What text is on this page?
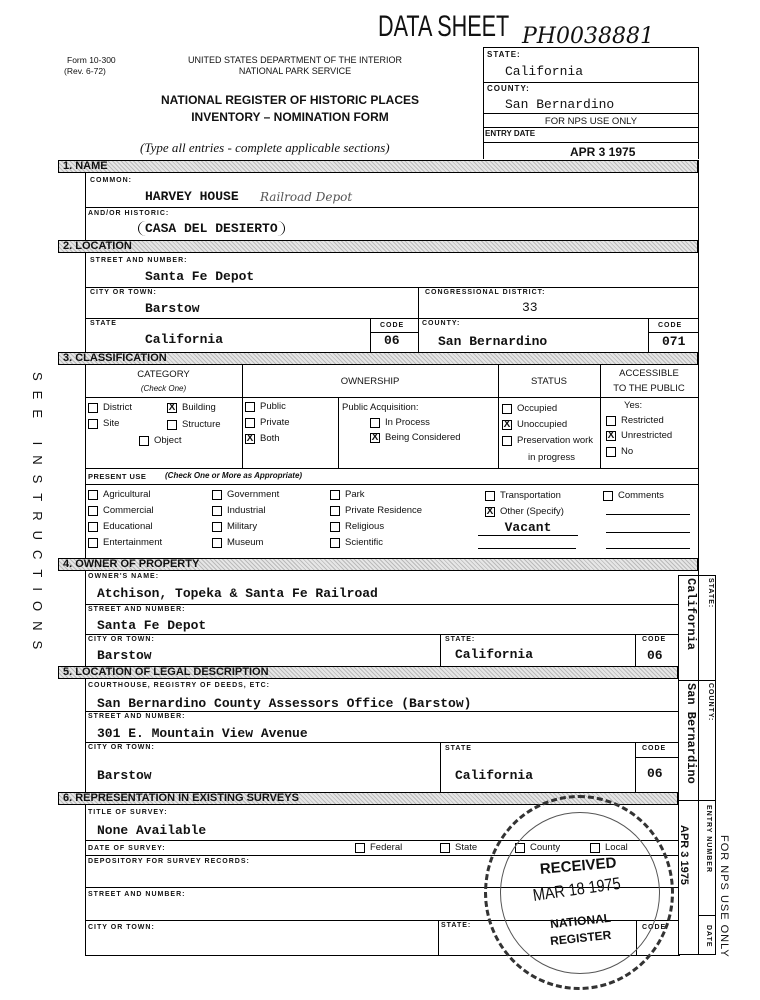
DATA SHEET PH0038881
Form 10-300
(Rev. 6-72)
UNITED STATES DEPARTMENT OF THE INTERIOR
NATIONAL PARK SERVICE
NATIONAL REGISTER OF HISTORIC PLACES
INVENTORY – NOMINATION FORM
(Type all entries - complete applicable sections)
STATE:
California
COUNTY:
San Bernardino
FOR NPS USE ONLY
ENTRY DATE
APR 3 1975
SEE INSTRUCTIONS
1. NAME
COMMON:
HARVEY HOUSE Railroad Depot
AND/OR HISTORIC:
CASA DEL DESIERTO
2. LOCATION
STREET AND NUMBER:
Santa Fe Depot
CITY OR TOWN:
Barstow
CONGRESSIONAL DISTRICT:
33
STATE
California
CODE
06
COUNTY:
San Bernardino
CODE
071
3. CLASSIFICATION
CATEGORY
(Check One)
OWNERSHIP	STATUS
ACCESSIBLE
TO THE PUBLIC
District	X Building
Site	Structure
Object
Public
Private
X Both
In Process
X Being Considered
Occupied
X Unoccupied
Preservation work
Restricted
X Unrestricted
No
Agricultural
Commercial
Educational
Entertainment
Government
Industrial
Military
Museum
Park
Private Residence
Religious
Scientific
Transportation
X Other (Specify)
Comments
PRESENT USE (Check One or More as Appropriate)
Public Acquisition:
in progress
Yes:
Vacant
4. OWNER OF PROPERTY
OWNER'S NAME:
Atchison, Topeka & Santa Fe Railroad
STREET AND NUMBER:
Santa Fe Depot
CITY OR TOWN:
Barstow
STATE:
California
CODE
06
5. LOCATION OF LEGAL DESCRIPTION
COURTHOUSE, REGISTRY OF DEEDS, ETC:
San Bernardino County Assessors Office (Barstow)
STREET AND NUMBER:
301 E. Mountain View Avenue
CITY OR TOWN:
Barstow
STATE
California
CODE
06
6. REPRESENTATION IN EXISTING SURVEYS
TITLE OF SURVEY:
None Available
DATE OF SURVEY:
DEPOSITORY FOR SURVEY RECORDS:
STREET AND NUMBER:
CITY OR TOWN:	STATE:	CODE
Federal	State	County	Local
California STATE:
San Bernardino COUNTY:
ENTRY NUMBER
DATE FOR NPS USE ONLY
APR 3 1975
RECEIVED
MAR 18 1975
NATIONAL
REGISTER
